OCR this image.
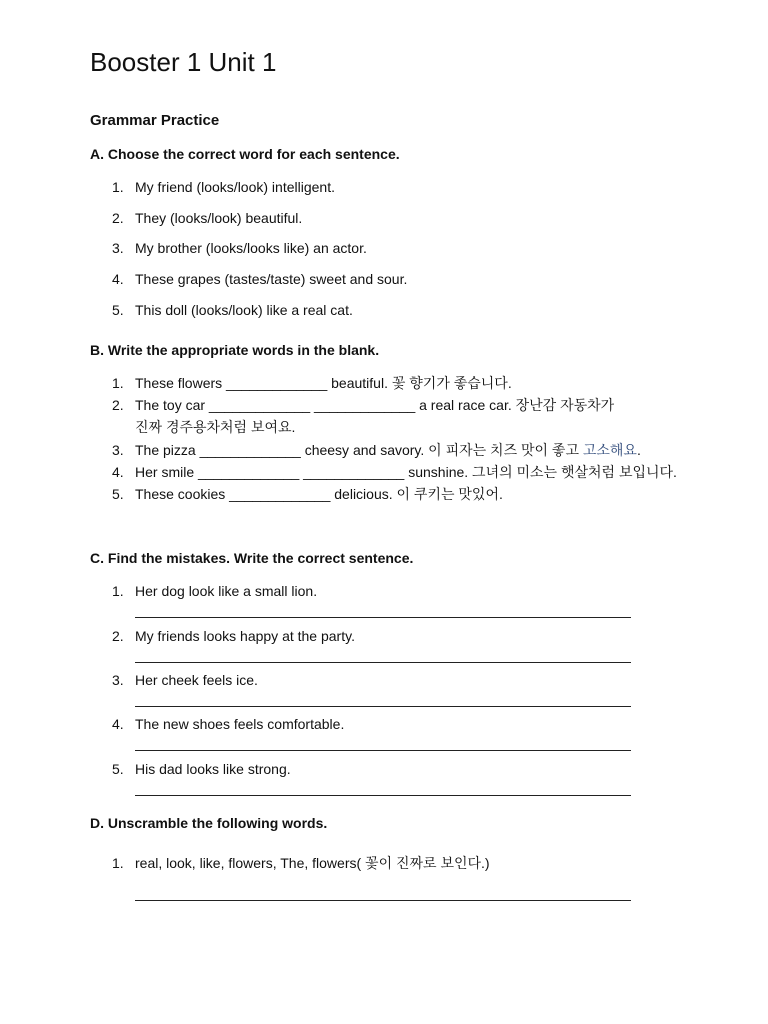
Booster 1 Unit 1
Grammar Practice
A. Choose the correct word for each sentence.
1. My friend (looks/look) intelligent.
2. They (looks/look) beautiful.
3. My brother (looks/looks like) an actor.
4. These grapes (tastes/taste) sweet and sour.
5. This doll (looks/look) like a real cat.
B. Write the appropriate words in the blank.
1. These flowers _____________ beautiful. 꽃 향기가 좋습니다.
2. The toy car _____________ _____________ a real race car. 장난감 자동차가 진짜 경주용차처럼 보여요.
3. The pizza _____________ cheesy and savory. 이 피자는 치즈 맛이 좋고 고소해요.
4. Her smile _____________ _____________ sunshine. 그녀의 미소는 햇살처럼 보입니다.
5. These cookies _____________ delicious. 이 쿠키는 맛있어.
C. Find the mistakes. Write the correct sentence.
1. Her dog look like a small lion.
2. My friends looks happy at the party.
3. Her cheek feels ice.
4. The new shoes feels comfortable.
5. His dad looks like strong.
D. Unscramble the following words.
1. real, look, like, flowers, The, flowers( 꽃이 진짜로 보인다.)
